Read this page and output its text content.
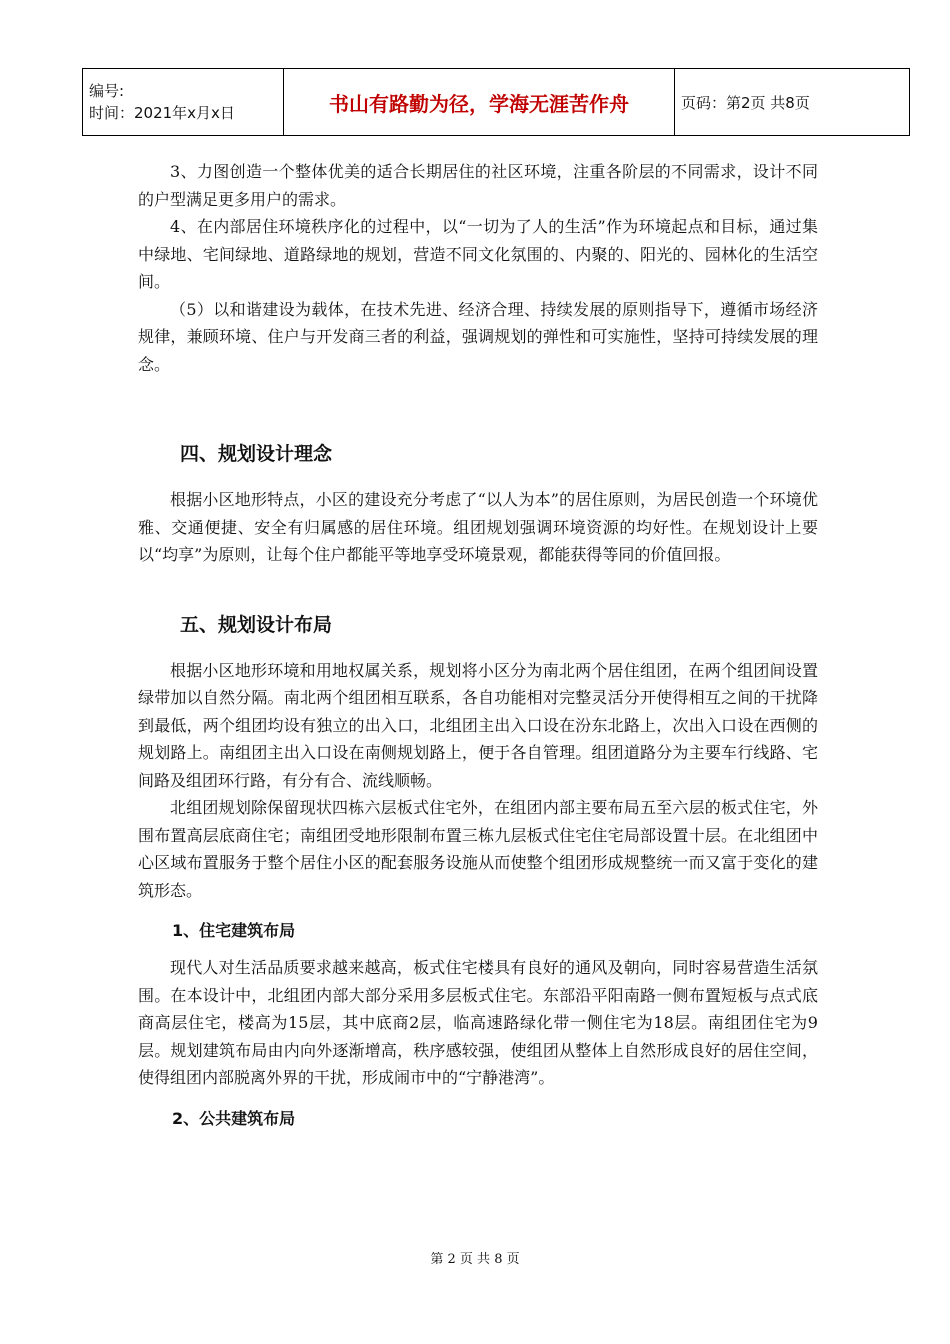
编号:
时间：2021年x月x日	书山有路勤为径，学海无涯苦作舟	页码：第2页 共8页

3、力图创造一个整体优美的适合长期居住的社区环境，注重各阶层的不同需求，设计不同的户型满足更多用户的需求。

4、在内部居住环境秩序化的过程中，以“一切为了人的生活”作为环境起点和目标，通过集中绿地、宅间绿地、道路绿地的规划，营造不同文化氛围的、内聚的、阳光的、园林化的生活空间。

（5）以和谐建设为载体，在技术先进、经济合理、持续发展的原则指导下，遵循市场经济规律，兼顾环境、住户与开发商三者的利益，强调规划的弹性和可实施性，坚持可持续发展的理念。

四、规划设计理念

根据小区地形特点，小区的建设充分考虑了“以人为本”的居住原则，为居民创造一个环境优雅、交通便捷、安全有归属感的居住环境。组团规划强调环境资源的均好性。在规划设计上要以“均享”为原则，让每个住户都能平等地享受环境景观，都能获得等同的价值回报。

五、规划设计布局

根据小区地形环境和用地权属关系，规划将小区分为南北两个居住组团，在两个组团间设置绿带加以自然分隔。南北两个组团相互联系，各自功能相对完整灵活分开使得相互之间的干扰降到最低，两个组团均设有独立的出入口，北组团主出入口设在汾东北路上，次出入口设在西侧的规划路上。南组团主出入口设在南侧规划路上，便于各自管理。组团道路分为主要车行线路、宅间路及组团环行路，有分有合、流线顺畅。

北组团规划除保留现状四栋六层板式住宅外，在组团内部主要布局五至六层的板式住宅，外围布置高层底商住宅；南组团受地形限制布置三栋九层板式住宅住宅局部设置十层。在北组团中心区域布置服务于整个居住小区的配套服务设施从而使整个组团形成规整统一而又富于变化的建筑形态。

1、住宅建筑布局

现代人对生活品质要求越来越高，板式住宅楼具有良好的通风及朝向，同时容易营造生活氛围。在本设计中，北组团内部大部分采用多层板式住宅。东部沿平阳南路一侧布置短板与点式底商高层住宅，楼高为15层，其中底商2层，临高速路绿化带一侧住宅为18层。南组团住宅为9层。规划建筑布局由内向外逐渐增高，秩序感较强，使组团从整体上自然形成良好的居住空间，使得组团内部脱离外界的干扰，形成闹市中的“宁静港湾”。

2、公共建筑布局
第 2 页 共 8 页
